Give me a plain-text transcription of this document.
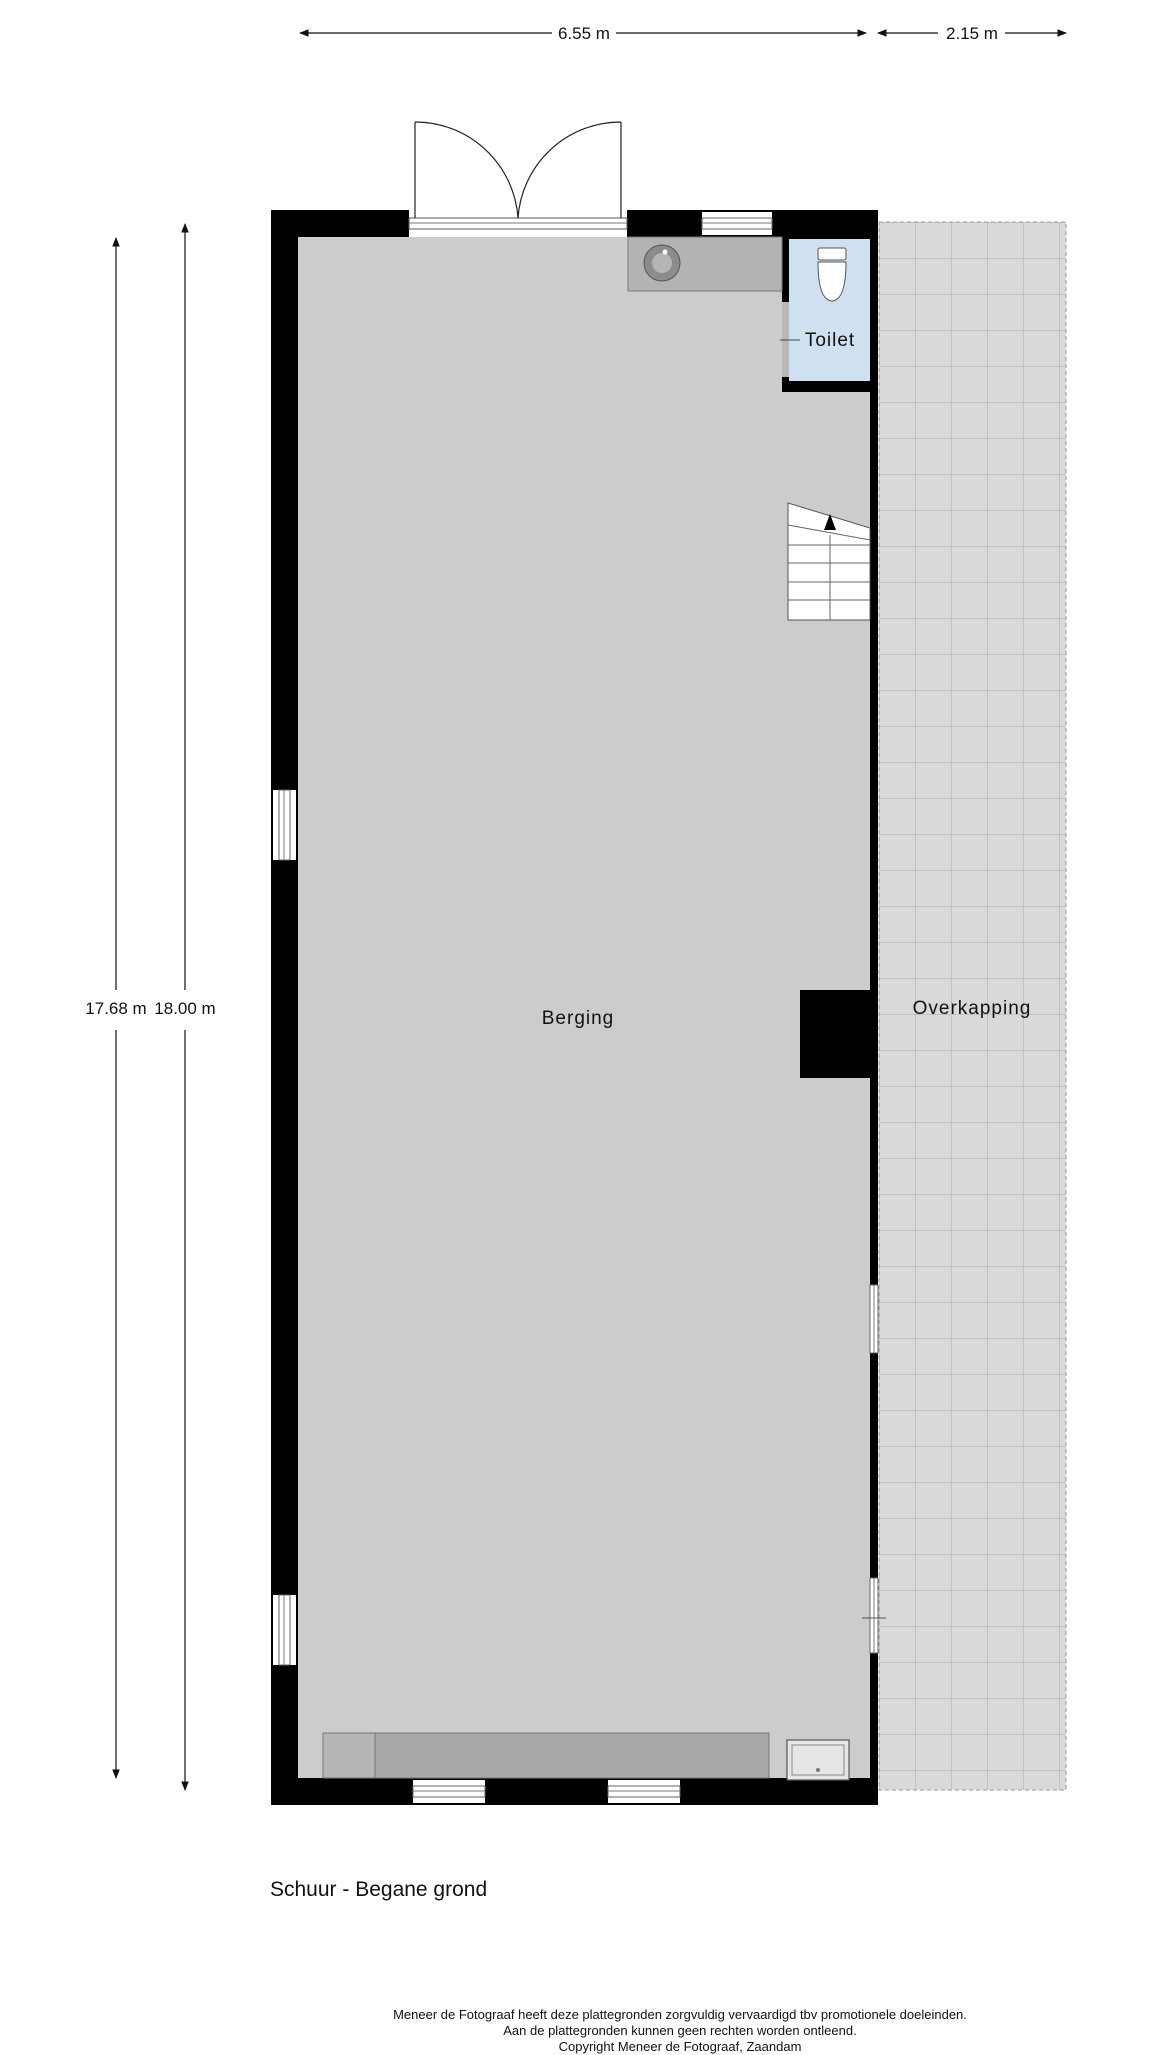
6.55 m	2.15 m
17.68 m 18.00 m
Toilet
Berging	Overkapping
Schuur - Begane grond
Meneer de Fotograaf heeft deze plattegronden zorgvuldig vervaardigd tbv promotionele doeleinden.
Aan de plattegronden kunnen geen rechten worden ontleend.
Copyright Meneer de Fotograaf, Zaandam
